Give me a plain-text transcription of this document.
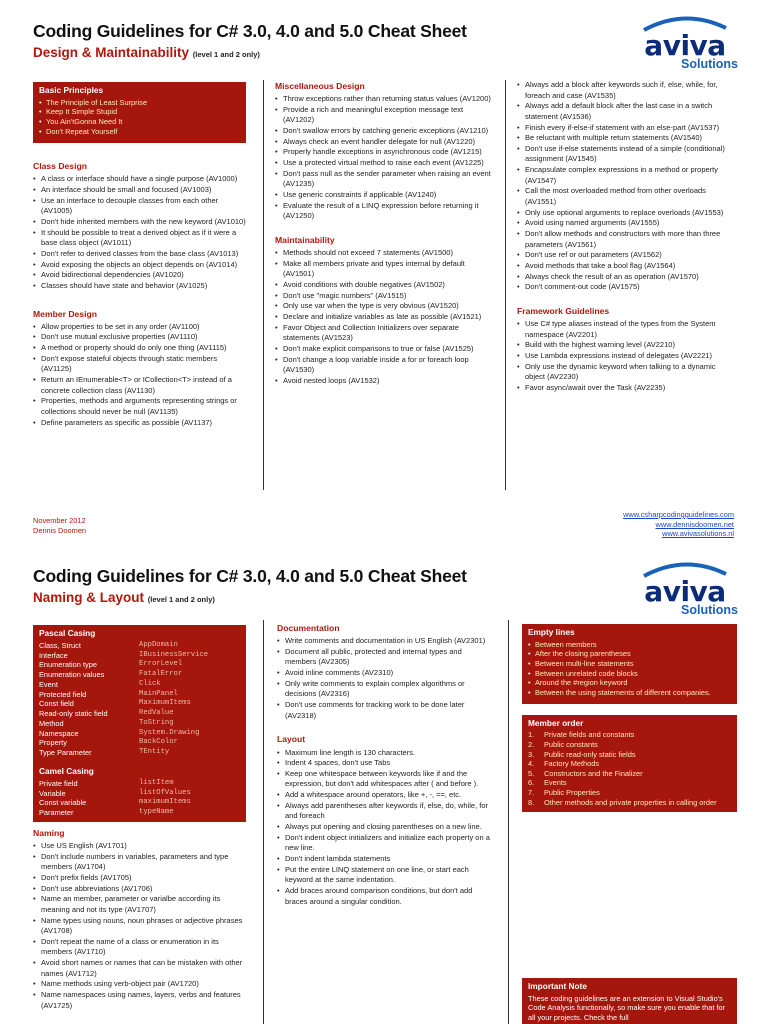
Coding Guidelines for C# 3.0, 4.0 and 5.0 Cheat Sheet
Design & Maintainability (level 1 and 2 only)	aviva
Solutions
Basic Principles
• The Principle of Least Surprise
• Keep It Simple Stupid
• You Ain'tGonna Need It
• Don't Repeat Yourself
Class Design
• A class or interface should have a single purpose (AV1000)
• An interface should be small and focused (AV1003)
• Use an interface to decouple classes from each other (AV1005)
• Don't hide inherited members with the new keyword (AV1010)
• It should be possible to treat a derived object as if it were a base class object (AV1011)
• Don't refer to derived classes from the base class (AV1013)
• Avoid exposing the objects an object depends on (AV1014)
• Avoid bidirectional dependencies (AV1020)
• Classes should have state and behavior (AV1025)
Member Design
• Allow properties to be set in any order (AV1100)
• Don't use mutual exclusive properties (AV1110)
• A method or property should do only one thing (AV1115)
• Don't expose stateful objects through static members (AV1125)
• Return an IEnumerable<T> or ICollection<T> instead of a concrete collection class (AV1130)
• Properties, methods and arguments representing strings or collections should never be null (AV1135)
• Define parameters as specific as possible (AV1137)
Miscellaneous Design
• Throw exceptions rather than returning status values (AV1200)
• Provide a rich and meaningful exception message text (AV1202)
• Don't swallow errors by catching generic exceptions (AV1210)
• Always check an event handler delegate for null (AV1220)
• Properly handle exceptions in asynchronous code (AV1215)
• Use a protected virtual method to raise each event (AV1225)
• Don't pass null as the sender parameter when raising an event (AV1235)
• Use generic constraints if applicable (AV1240)
• Evaluate the result of a LINQ expression before returning it (AV1250)
Maintainability
• Methods should not exceed 7 statements (AV1500)
• Make all members private and types internal by default (AV1501)
• Avoid conditions with double negatives (AV1502)
• Don't use "magic numbers" (AV1515)
• Only use var when the type is very obvious (AV1520)
• Declare and initialize variables as late as possible (AV1521)
• Favor Object and Collection Initializers over separate statements (AV1523)
• Don't make explicit comparisons to true or false (AV1525)
• Don't change a loop variable inside a for or foreach loop (AV1530)
• Avoid nested loops (AV1532)
• Always add a block after keywords such if, else, while, for, foreach and case (AV1535)
• Always add a default block after the last case in a switch statement (AV1536)
• Finish every if-else-if statement with an else-part (AV1537)
• Be reluctant with multiple return statements (AV1540)
• Don't use if-else statements instead of a simple (conditional) assignment (AV1545)
• Encapsulate complex expressions in a method or property (AV1547)
• Call the most overloaded method from other overloads (AV1551)
• Only use optional arguments to replace overloads (AV1553)
• Avoid using named arguments (AV1555)
• Don't allow methods and constructors with more than three parameters (AV1561)
• Don't use ref or out parameters (AV1562)
• Avoid methods that take a bool flag (AV1564)
• Always check the result of an as operation (AV1570)
• Don't comment-out code (AV1575)
Framework Guidelines
• Use C# type aliases instead of the types from the System namespace (AV2201)
• Build with the highest warning level (AV2210)
• Use Lambda expressions instead of delegates (AV2221)
• Only use the dynamic keyword when talking to a dynamic object (AV2230)
• Favor async/await over the Task (AV2235)
November 2012
Dennis Doomen
www.csharpcodingguidelines.com
www.dennisdoomen.net
www.avivasolutions.nl
Coding Guidelines for C# 3.0, 4.0 and 5.0 Cheat Sheet
Naming & Layout (level 1 and 2 only)	aviva
Solutions
Pascal Casing
Class, Struct	AppDomain
Interface	IBusinessService
Enumeration type	ErrorLevel
Enumeration values	FatalError
Event	Click
Protected field	MainPanel
Const field	MaximumItems
Read-only static field	RedValue
Method	ToString
Namespace	System.Drawing
Property	BackColor
Type Parameter	TEntity
Camel Casing
Private field	listItem
Variable	listOfValues
Const variable	maximumItems
Parameter	typeName
Naming
• Use US English (AV1701)
• Don't include numbers in variables, parameters and type members (AV1704)
• Don't prefix fields (AV1705)
• Don't use abbreviations (AV1706)
• Name an member, parameter or varialbe according its meaning and not its type (AV1707)
• Name types using nouns, noun phrases or adjective phrases (AV1708)
• Don't repeat the name of a class or enumeration in its members (AV1710)
• Avoid short names or names that can be mistaken with other names (AV1712)
• Name methods using verb-object pair (AV1720)
• Name namespaces using names, layers, verbs and features (AV1725)
Documentation
• Write comments and documentation in US English (AV2301)
• Document all public, protected and internal types and members (AV2305)
• Avoid inline comments (AV2310)
• Only write comments to explain complex algorithms or decisions (AV2316)
• Don't use comments for tracking work to be done later (AV2318)
Layout
• Maximum line length is 130 characters.
• Indent 4 spaces, don't use Tabs
• Keep one whitespace between keywords like if and the expression, but don't add whitespaces after ( and before ).
• Add a whitespace around operators, like +, -, ==, etc.
• Always add parentheses after keywords if, else, do, while, for and foreach
• Always put opening and closing parentheses on a new line.
• Don't indent object initializers and initialize each property on a new line.
• Don't indent lambda statements
• Put the entire LINQ statement on one line, or start each keyword at the same indentation.
• Add braces around comparison conditions, but don't add braces around a singular condition.
Empty lines
• Between members
• After the closing parentheses
• Between multi-line statements
• Between unrelated code blocks
• Around the #region keyword
• Between the using statements of different companies.
Member order
Private fields and constants
Public constants
Public read-only static fields
Factory Methods
Constructors and the Finalizer
Events
Public Properties
Other methods and private properties in calling order
Important Note
These coding guidelines are an extension to Visual Studio's Code Analysis functionally, so make sure you enable that for all your projects. Check the full
